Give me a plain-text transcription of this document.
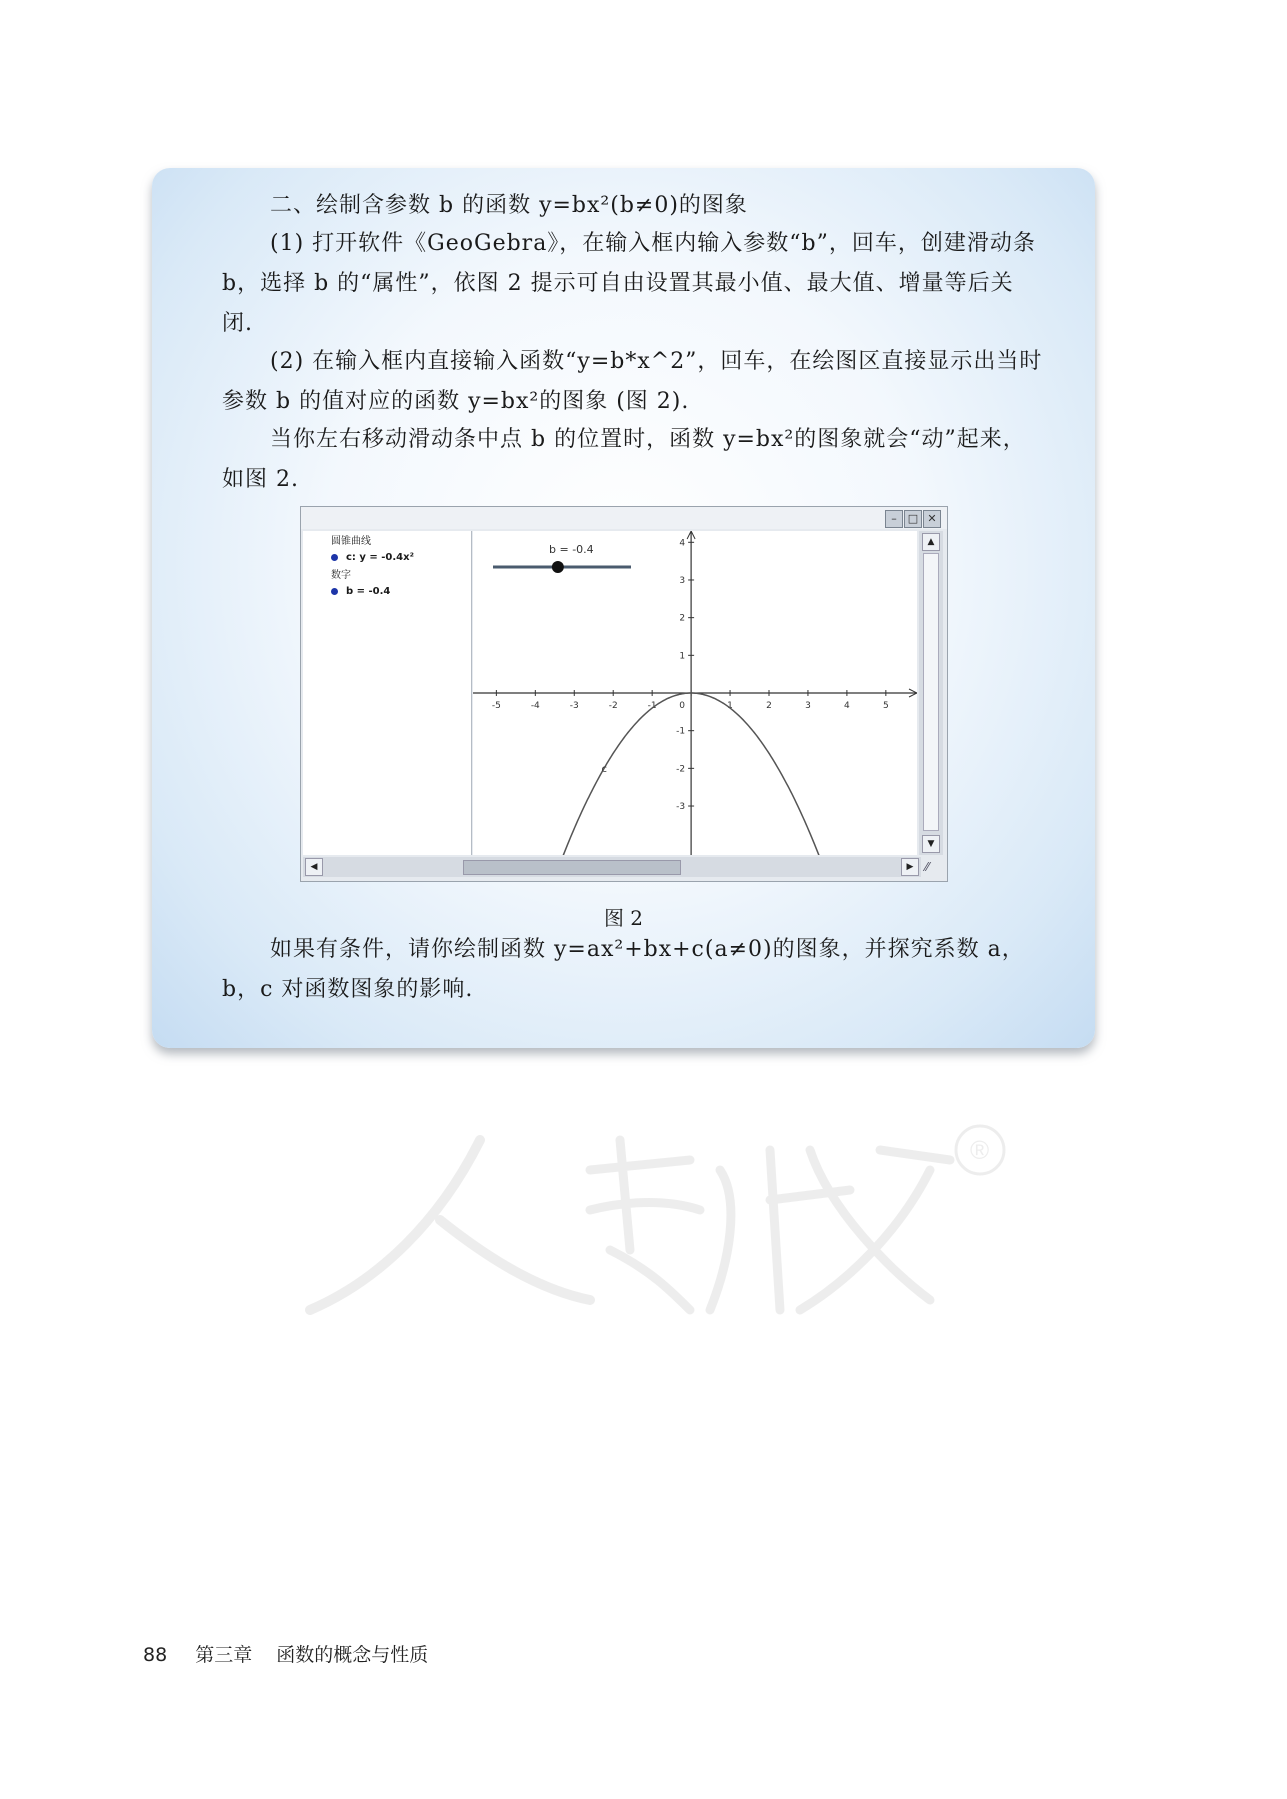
二、绘制含参数 b 的函数 y=bx²(b≠0)的图象

(1) 打开软件《GeoGebra》，在输入框内输入参数“b”，回车，创建滑动条b，选择 b 的“属性”，依图 2 提示可自由设置其最小值、最大值、增量等后关闭.

(2) 在输入框内直接输入函数“y=b*x^2”，回车，在绘图区直接显示出当时参数 b 的值对应的函数 y=bx²的图象 (图 2).

当你左右移动滑动条中点 b 的位置时，函数 y=bx²的图象就会“动”起来，如图 2.

–	□ ✕
圆锥曲线
c: y = -0.4x²
数字
b = -0.4
-5	-4	-3	-2	-1	0	1	2	3	4	5
4
3
2
1
-1
-2
-3
c
b = -0.4
▲
▼
◀	▶ ⁄⁄
图 2

如果有条件，请你绘制函数 y=ax²+bx+c(a≠0)的图象，并探究系数 a，b，c 对函数图象的影响.

®
88 第三章 函数的概念与性质
